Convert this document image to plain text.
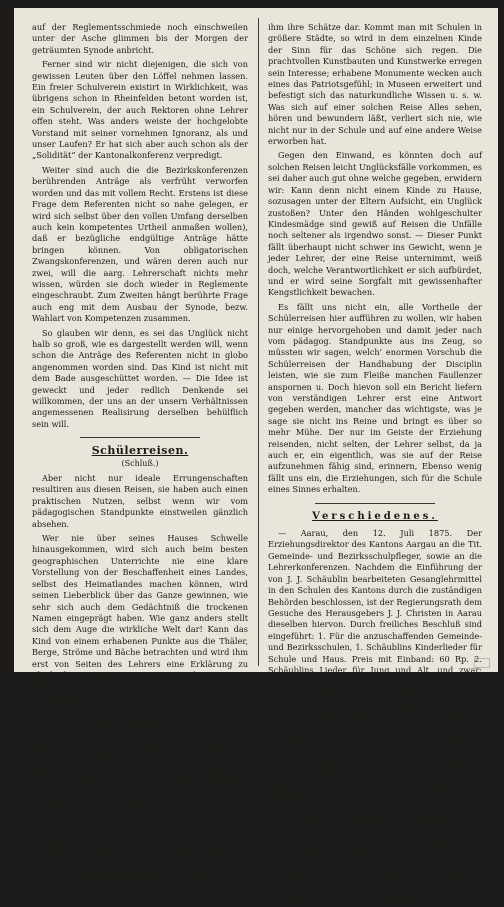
auf der Reglementsschmiede noch einschweilen unter der Asche glimmen bis der Morgen der geträumten Synode anbricht.

Ferner sind wir nicht diejenigen, die sich von gewissen Leuten über den Löffel nehmen lassen. Ein freier Schulverein existirt in Wirklichkeit, was übrigens schon in Rheinfelden betont worden ist, ein Schulverein, der auch Rektoren ohne Lehrer offen steht. Was anders weiste der hochgelobte Vorstand mit seiner vornehmen Ignoranz, als und unser Laufen? Er hat sich aber auch schon als der „Solidität“ der Kantonalkonferenz verpredigt.

Weiter sind auch die die Bezirkskonferenzen berührenden Anträge als verfrüht verworfen worden und das mit vollem Recht. Erstens ist diese Frage dem Referenten nicht so nahe gelegen, er wird sich selbst über den vollen Umfang derselben auch kein kompetentes Urtheil anmaßen wollen), daß er bezügliche endgültige Anträge hätte bringen können. Von obligatorischen Zwangskonferenzen, und wären deren auch nur zwei, will die aarg. Lehrerschaft nichts mehr wissen, würden sie doch wieder in Reglemente eingeschraubt. Zum Zweiten hängt berührte Frage auch eng mit dem Ausbau der Synode, bezw. Wahlart von Kompetenzen zusammen.

So glauben wir denn, es sei das Unglück nicht halb so groß, wie es dargestellt werden will, wenn schon die Anträge des Referenten nicht in globo angenommen worden sind. Das Kind ist nicht mit dem Bade ausgeschüttet worden. — Die Idee ist geweckt und jeder redlich Denkende sei willkommen, der uns an der unsern Verhältnissen angemessenen Realisirung derselben behülflich sein will.

Schülerreisen.
(Schluß.)

Aber nicht nur ideale Errungenschaften resultiren aus diesen Reisen, sie haben auch einen praktischen Nutzen, selbst wenn wir vom pädagogischen Standpunkte einstweilen gänzlich absehen.

Wer nie über seines Hauses Schwelle hinausgekommen, wird sich auch beim besten geographischen Unterrichte nie eine klare Vorstellung von der Beschaffenheit eines Landes, selbst des Heimatlandes machen können, wird seinen Lieberblick über das Ganze gewinnen, wie sehr sich auch dem Gedächtniß die trockenen Namen eingeprägt haben. Wie ganz anders stellt sich dem Auge die wirkliche Welt dar! Kann das Kind von einem erhabenen Punkte aus die Thäler, Berge, Ströme und Bäche betrachten und wird ihm erst von Seiten des Lehrers eine Erklärung zu Theil, da gewinnt es in einer Stunde an geogr. Wissen mehr als in ganz andern in der dumpfen Schulstube.

Führt man das kleine Heer erst auf einen von der Natur besonders begünstigten Fleck Erde, der zudem auch historisch ehr- und merkwürdig ist, wird da nicht das junge Herz höher schlagen bei dem Gefühle, Bürger dieses so einen schönen Vaterlandes zu sein? Kaum und frohlockend wird sich die Brust in die freie, frische Gotteswelt hinaus. Da wird der junge Sänger, was Singen ist, wo möglich bei mit Lust: „Mein schön gebautes Vaterland, wie sehr ich dir dankbar bin!“

Aber nicht nur das Vaterland lernt der junge Reisende kennen und lieben; er lernt sich fühlen als Bürger der Welt, als Glied eines vielgestaltigen Organismus. Die verschiedenen Erdtheile, das Alterthum, die Kunst, die Natur bieten ihm

ihm ihre Schätze dar. Kommt man mit Schulen in größere Städte, so wird in dem einzelnen Kinde der Sinn für das Schöne sich regen. Die prachtvollen Kunstbauten und Kunstwerke erregen sein Interesse; erhabene Monumente wecken auch eines das Patriotsgefühl; in Museen erweitert und befestigt sich das naturkundliche Wissen u. s. w. Was sich auf einer solchen Reise Alles sehen, hören und bewundern läßt, verliert sich nie, wie nicht nur in der Schule und auf eine andere Weise erworben hat.

Gegen den Einwand, es könnten doch auf solchen Reisen leicht Unglücksfälle vorkommen, es sei daher auch gut ohne welche gegeben, erwidern wir: Kann denn nicht einem Kinde zu Hause, sozusagen unter der Eltern Aufsicht, ein Unglück zustoßen? Unter den Händen wohlgeschulter Kindesmädge sind gewiß auf Reisen die Unfälle noch seltener als irgendwo sonst. — Dieser Punkt fällt überhaupt nicht schwer ins Gewicht, wenn je jeder Lehrer, der eine Reise unternimmt, weiß doch, welche Verantwortlichkeit er sich aufbürdet, und er wird seine Sorgfalt mit gewissenhafter Kengstlichkeit bewachen.

Es fällt uns nicht ein, alle Vortheile der Schülerreisen hier aufführen zu wollen, wir haben nur einige hervorgehoben und damit jeder nach vom pädagog. Standpunkte aus ins Zeug, so müssten wir sagen, welch' enormen Vorschub die Schülerreisen der Handhabung der Disciplin leisten, wie sie zum Fleiße manchen Faullenzer anspornen u. Doch hievon soll ein Bericht liefern von verständigen Lehrer erst eine Antwort gegeben werden, mancher das wichtigste, was je sage sie nicht ins Reine und bringt es über so mehr Mühe. Der nur im Geiste der Erziehung reisenden, nicht selten, der Lehrer selbst, da ja auch er, ein eigentlich, was sie auf der Reise aufzunehmen fähig sind, erinnern, Ebenso wenig fällt uns ein, die Erziehungen, sich für die Schule eines Sinnes erhalten.

Verschiedenes.

— Aarau, den 12. Juli 1875. Der Erziehungsdirektor des Kantons Aargau an die Tit. Gemeinde- und Bezirksschulpfleger, sowie an die Lehrerkonferenzen. Nachdem die Einführung der von J. J. Schäublin bearbeiteten Gesanglehrmittel in den Schulen des Kantons durch die zuständigen Behörden beschlossen, ist der Regierungsrath dem Gesuche des Herausgebers J. J. Christen in Aarau dieselben hiervon. Durch freiliches Beschluß sind eingeführt: 1. Für die anzuschaffenden Gemeinde- und Bezirksschulen, 1. Schäublins Kinderlieder für Schule und Haus. Preis mit Einband: 60 Rp. 2. Schäublins Lieder für Jung und Alt, und zwar: Erstes Bändchen: Preis mit Einband: 60 Rp. Zweites Bändchen: Preis mit Einband: Fr. 1. III. Für die Stufe: 1. Die Lehrerausgabe mit Anhang. Preis mit Einband: 80 Rp. 2. Die Schülerausgabe. Preis mit Einband: 75 Rp. 3. Das Tabellenwerk in Bogen. Preis: Fr. 7. 50. III. Es ist die Vertheilung dieser Lehrmittel an den Gesangunterricht, so ist in einem Exemplar, Schäublins Gesanglehrmittel, Preis mit Einband: in Vorrath vorhanden. Um den betreffenden Kommissionär die Gemeinde, die Gesanglehrer zu sorgen, daß die gleich im Anfang der Schäublin'schen Gesanglehrer in der Schülerausgabe verbreitet. Die Verlagshandlung hat laut Vertrag verpflichtet, den genannten Lehrmitteln die hiefür bestimmten Lehrmittel zu einem Preise zu liefern, der in der Höhe als die Preise sonst üblich kosten werden. Preis mit Einband, Preis in den Bezirksschulen, gleichzeitig der Schule der, Preis ohne Einband mit Verlagshandlung ebenso aufgehoben dürfen.
